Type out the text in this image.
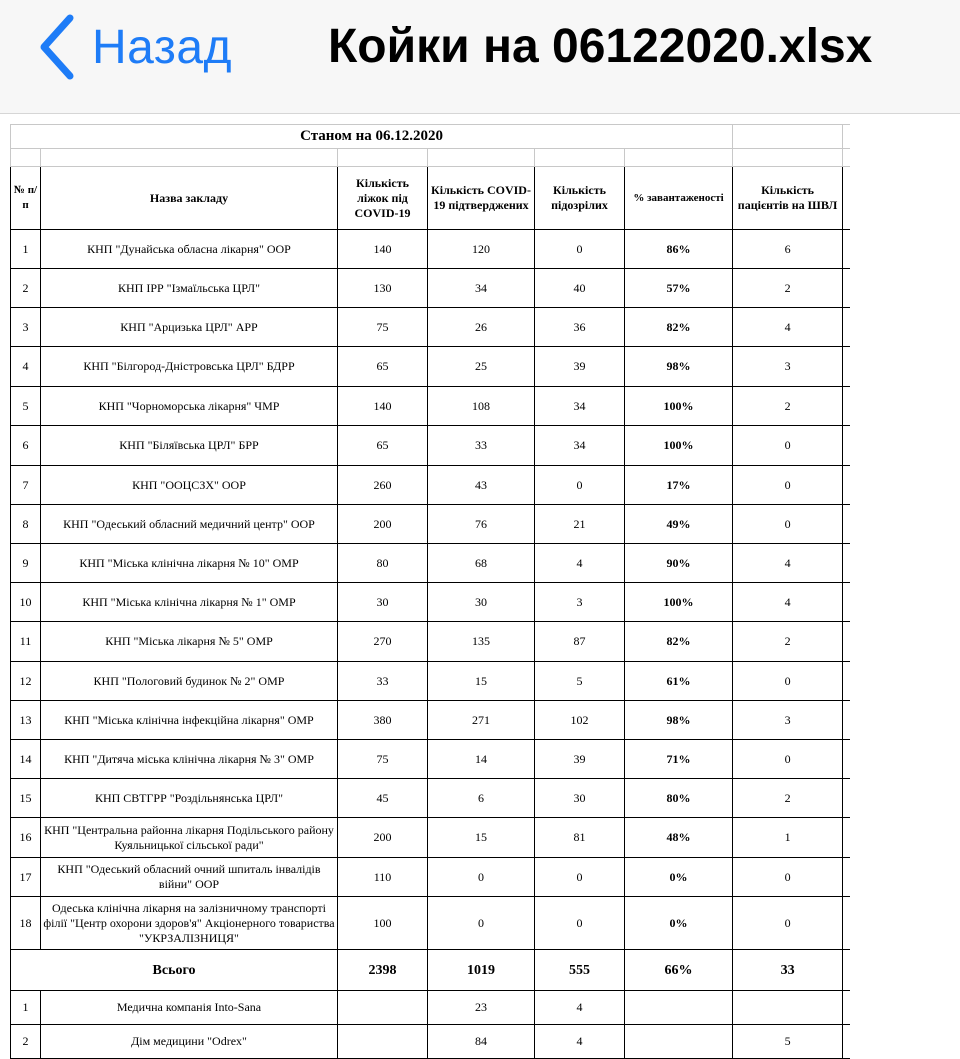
Назад Койки на 06122020.xlsx
Станом на 06.12.2020							

№ п/п	Назва закладу	Кількість ліжок під COVID-19	Кількість COVID-19 підтверджених	Кількість підозрілих	% завантаженості	Кількість пацієнтів на ШВЛ	
1	КНП "Дунайська обласна лікарня" ООР	140	120	0	86%	6	
2	КНП ІРР "Ізмаїльська ЦРЛ"	130	34	40	57%	2	
3	КНП "Арцизька ЦРЛ" АРР	75	26	36	82%	4	
4	КНП "Білгород-Дністровська ЦРЛ" БДРР	65	25	39	98%	3	
5	КНП "Чорноморська лікарня" ЧМР	140	108	34	100%	2	
6	КНП "Біляївська ЦРЛ" БРР	65	33	34	100%	0	
7	КНП "ООЦСЗХ" ООР	260	43	0	17%	0	
8	КНП "Одеський обласний медичний центр" ООР	200	76	21	49%	0	
9	КНП "Міська клінічна лікарня № 10" ОМР	80	68	4	90%	4	
10	КНП "Міська клінічна лікарня № 1" ОМР	30	30	3	100%	4	
11	КНП "Міська лікарня № 5" ОМР	270	135	87	82%	2	
12	КНП "Пологовий будинок № 2" ОМР	33	15	5	61%	0	
13	КНП "Міська клінічна інфекційна лікарня" ОМР	380	271	102	98%	3	
14	КНП "Дитяча міська клінічна лікарня № 3" ОМР	75	14	39	71%	0	
15	КНП СВТГРР "Роздільнянська ЦРЛ"	45	6	30	80%	2	
16	КНП "Центральна районна лікарня Подільського району Куяльницької сільської ради"	200	15	81	48%	1	
17	КНП "Одеський обласний очний шпиталь інвалідів війни" ООР	110	0	0	0%	0	
18	Одеська клінічна лікарня на залізничному транспорті філії "Центр охорони здоров'я" Акціонерного товариства "УКРЗАЛІЗНИЦЯ"	100	0	0	0%	0	
Всього		2398	1019	555	66%	33	
1	Медична компанія Into-Sana		23	4			
2	Дім медицини "Odrex"		84	4		5	
